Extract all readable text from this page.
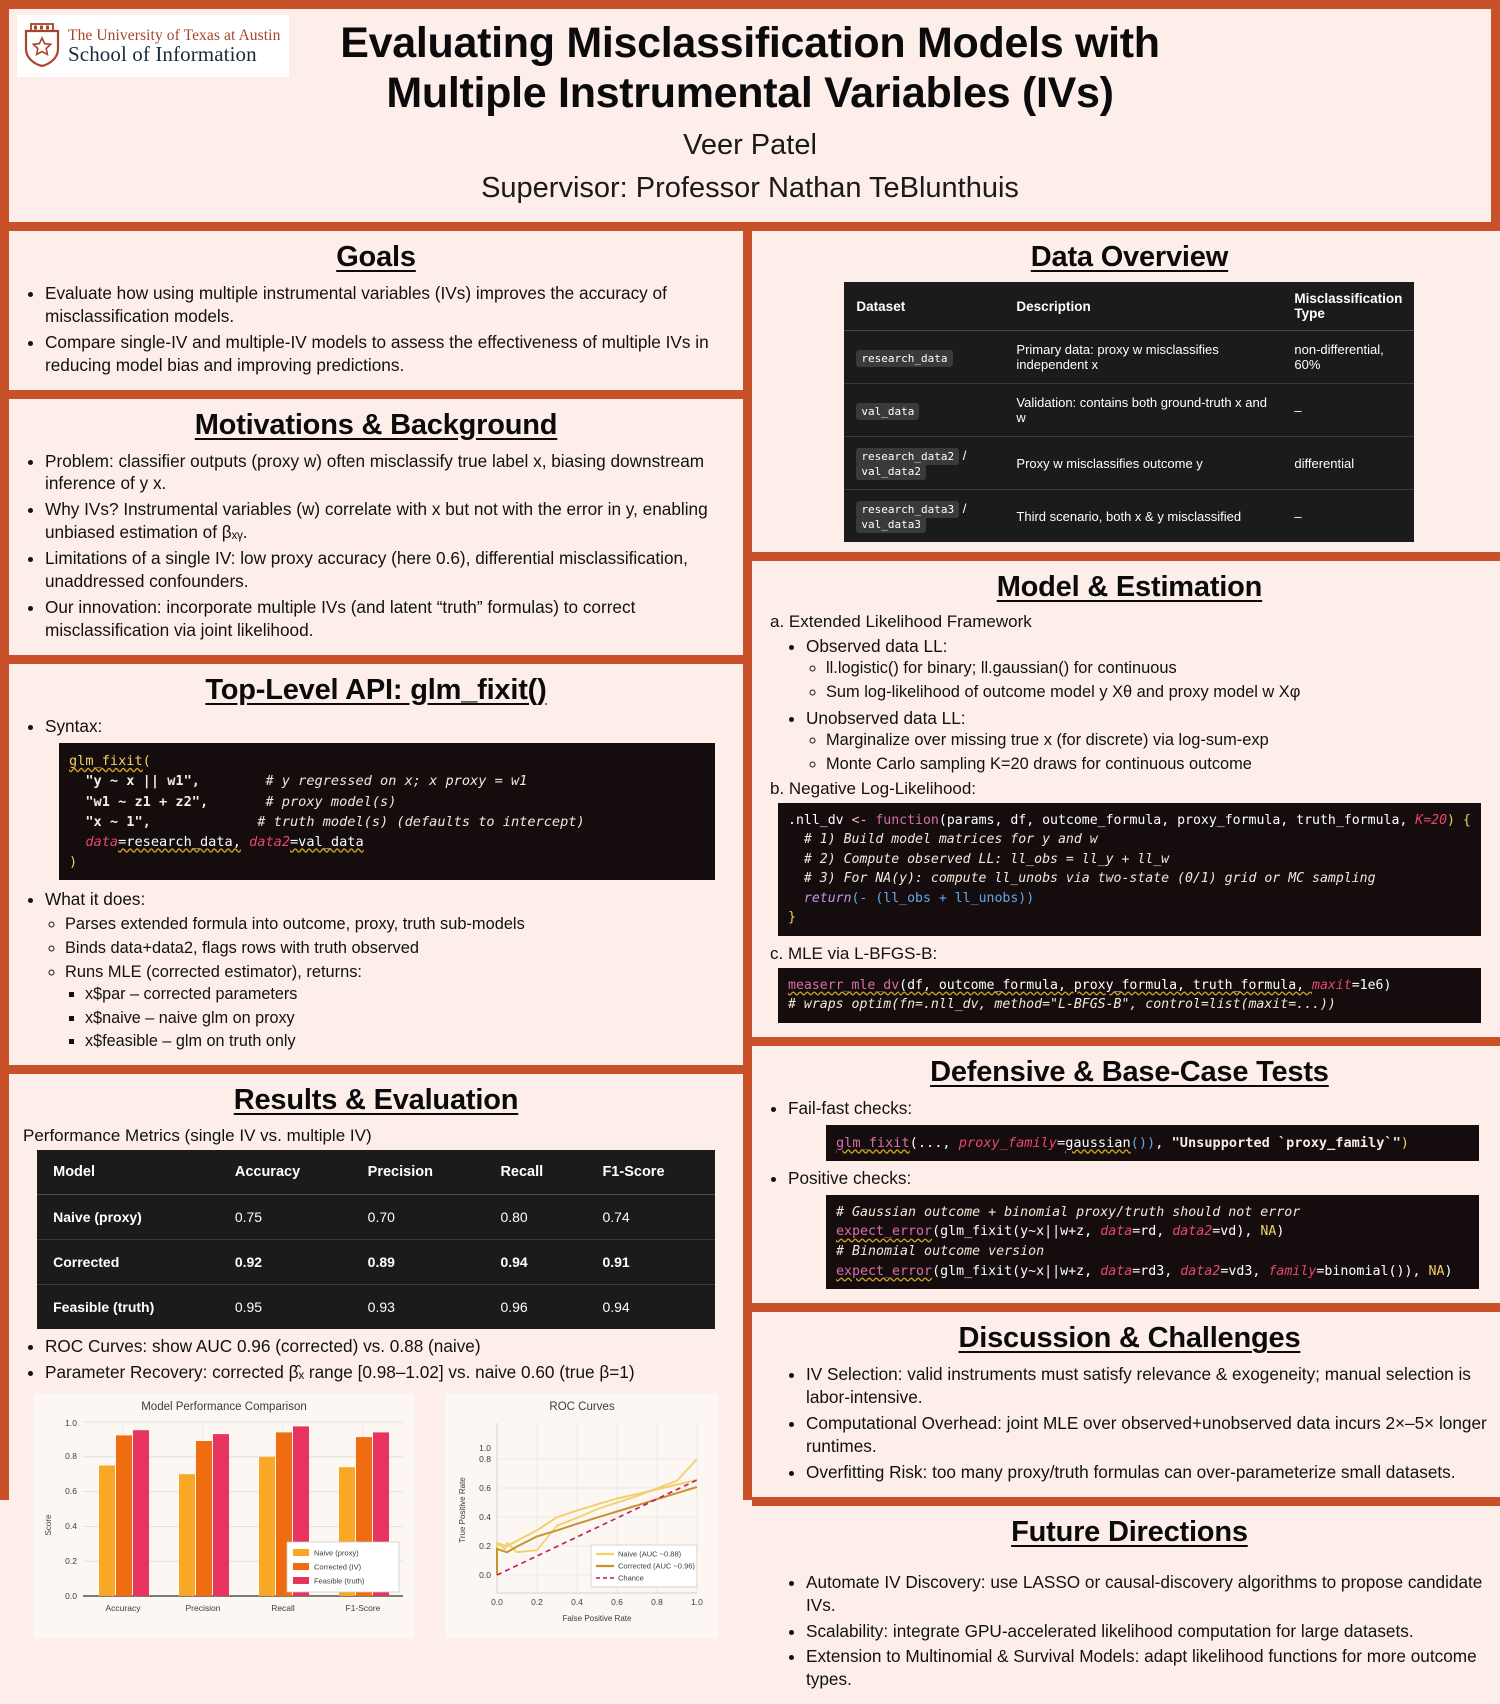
The University of Texas at Austin
School of Information	Evaluating Misclassification Models with
Multiple Instrumental Variables (IVs)
Veer Patel
Supervisor: Professor Nathan TeBlunthuis
Goals
• Evaluate how using multiple instrumental variables (IVs) improves the accuracy of misclassification models.
• Compare single-IV and multiple-IV models to assess the effectiveness of multiple IVs in reducing model bias and improving predictions.
Motivations & Background
• Problem: classifier outputs (proxy w) often misclassify true label x, biasing downstream inference of y x.
• Why IVs? Instrumental variables (w) correlate with x but not with the error in y, enabling unbiased estimation of βₓᵧ.
• Limitations of a single IV: low proxy accuracy (here 0.6), differential misclassification, unaddressed confounders.
• Our innovation: incorporate multiple IVs (and latent “truth” formulas) to correct misclassification via joint likelihood.
Top-Level API: glm_fixit()
• Syntax:
glm_fixit(
"y ~ x || w1",	# y regressed on x; x proxy = w1
"w1 ~ z1 + z2",	# proxy model(s)
"x ~ 1",	# truth model(s) (defaults to intercept)
data=research_data, data2=val_data
)
• What it does:
◦ Parses extended formula into outcome, proxy, truth sub-models
◦ Binds data+data2, flags rows with truth observed
◦ Runs MLE (corrected estimator), returns:
▪ x$par – corrected parameters
▪ x$naive – naive glm on proxy
▪ x$feasible – glm on truth only
Results & Evaluation
Performance Metrics (single IV vs. multiple IV)
Model	Accuracy	Precision	Recall	F1-Score
Naive (proxy)	0.75	0.70	0.80	0.74
Corrected	0.92	0.89	0.94	0.91
Feasible (truth)	0.95	0.93	0.96	0.94
• ROC Curves: show AUC 0.96 (corrected) vs. 0.88 (naive)
• Parameter Recovery: corrected β̂ₓ range [0.98–1.02] vs. naive 0.60 (true β=1)
Model Performance Comparison
0.0
0.2
0.4
0.6
0.8
1.0
Score
Accuracy	Precision	Recall	F1-Score
Naive (proxy)
Corrected (IV)
Feasible (truth)
ROC Curves
0.0
0.2
0.4
0.6
0.8
1.0
True Positive Rate
0.0	0.2	0.4	0.6	0.8	1.0
False Positive Rate
Naive (AUC ~0.88)
Corrected (AUC ~0.96)
Chance
Data Overview
Dataset	Description	Misclassification Type
research_data	Primary data: proxy w misclassifies independent x	non-differential, 60%
val_data	Validation: contains both ground-truth x and w	–
research_data2 / val_data2	Proxy w misclassifies outcome y	differential
research_data3 / val_data3	Third scenario, both x & y misclassified	–
Model & Estimation
a. Extended Likelihood Framework
• Observed data LL:
◦ ll.logistic() for binary; ll.gaussian() for continuous
◦ Sum log-likelihood of outcome model y Xθ and proxy model w Xφ
• Unobserved data LL:
◦ Marginalize over missing true x (for discrete) via log-sum-exp
◦ Monte Carlo sampling K=20 draws for continuous outcome
b. Negative Log-Likelihood:
.nll_dv <- function(params, df, outcome_formula, proxy_formula, truth_formula, K=20) {
# 1) Build model matrices for y and w
# 2) Compute observed LL: ll_obs = ll_y + ll_w
# 3) For NA(y): compute ll_unobs via two-state (0/1) grid or MC sampling
return(- (ll_obs + ll_unobs))
}
c. MLE via L-BFGS-B:
measerr_mle_dv(df, outcome_formula, proxy_formula, truth_formula, maxit=1e6)
# wraps optim(fn=.nll_dv, method="L-BFGS-B", control=list(maxit=...))
Defensive & Base-Case Tests
• Fail-fast checks:
glm_fixit(..., proxy_family=gaussian()), "Unsupported `proxy_family`")
• Positive checks:
# Gaussian outcome + binomial proxy/truth should not error
expect_error(glm_fixit(y~x||w+z, data=rd, data2=vd), NA)
# Binomial outcome version
expect_error(glm_fixit(y~x||w+z, data=rd3, data2=vd3, family=binomial()), NA)
Discussion & Challenges
• IV Selection: valid instruments must satisfy relevance & exogeneity; manual selection is labor-intensive.
• Computational Overhead: joint MLE over observed+unobserved data incurs 2×–5× longer runtimes.
• Overfitting Risk: too many proxy/truth formulas can over-parameterize small datasets.
Future Directions
• Automate IV Discovery: use LASSO or causal-discovery algorithms to propose candidate IVs.
• Scalability: integrate GPU-accelerated likelihood computation for large datasets.
• Extension to Multinomial & Survival Models: adapt likelihood functions for more outcome types.
